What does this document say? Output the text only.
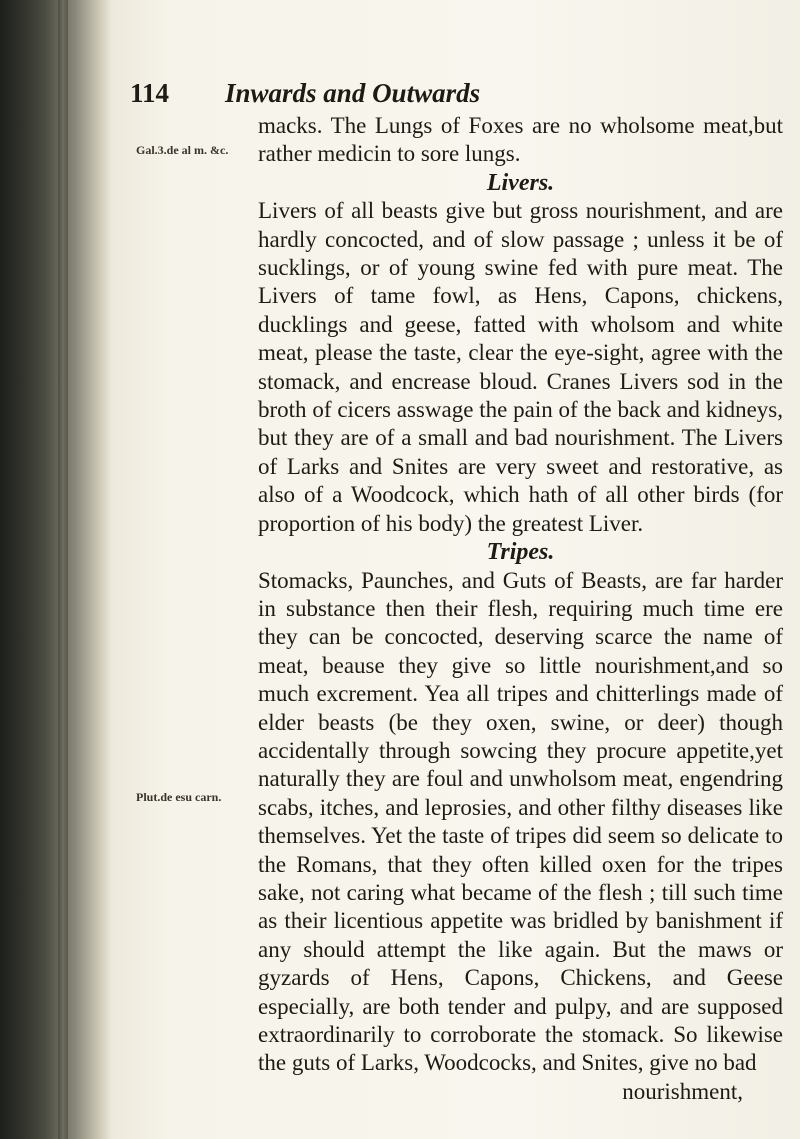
114 Inwards and Outwards
Gal.3.de al m. &c.
Plut.de esu carn.

macks. The Lungs of Foxes are no wholsome meat,but rather medicin to sore lungs.

Livers.

Livers of all beasts give but gross nourishment, and are hardly concocted, and of slow passage ; unless it be of sucklings, or of young swine fed with pure meat. The Livers of tame fowl, as Hens, Capons, chickens, ducklings and geese, fatted with wholsom and white meat, please the taste, clear the eye-sight, agree with the stomack, and encrease bloud. Cranes Livers sod in the broth of cicers asswage the pain of the back and kidneys, but they are of a small and bad nourishment. The Livers of Larks and Snites are very sweet and restorative, as also of a Woodcock, which hath of all other birds (for proportion of his body) the greatest Liver.

Tripes.

Stomacks, Paunches, and Guts of Beasts, are far harder in substance then their flesh, requiring much time ere they can be concocted, deserving scarce the name of meat, beause they give so little nourishment,and so much excrement. Yea all tripes and chitterlings made of elder beasts (be they oxen, swine, or deer) though accidentally through sowcing they procure appetite,yet naturally they are foul and unwholsom meat, engendring scabs, itches, and leprosies, and other filthy diseases like themselves. Yet the taste of tripes did seem so delicate to the Romans, that they often killed oxen for the tripes sake, not caring what became of the flesh ; till such time as their licentious appetite was bridled by banishment if any should attempt the like again. But the maws or gyzards of Hens, Capons, Chickens, and Geese especially, are both tender and pulpy, and are supposed extraordinarily to corroborate the stomack. So likewise the guts of Larks, Woodcocks, and Snites, give no bad

nourishment,
